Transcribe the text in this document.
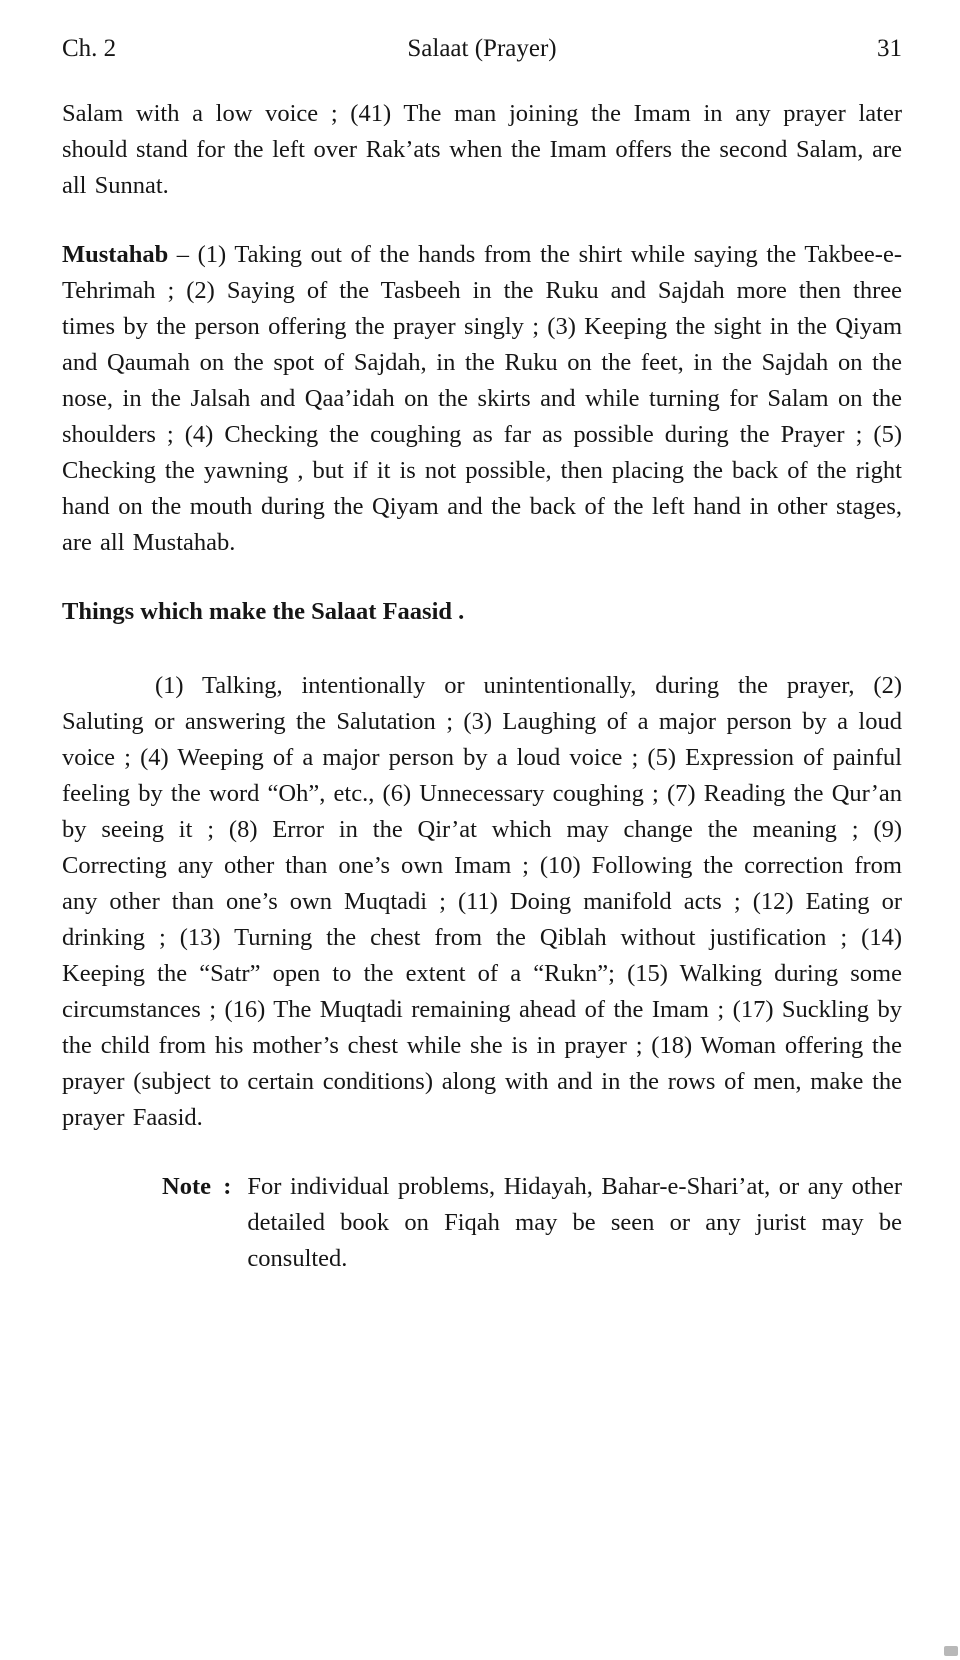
Ch. 2	Salaat (Prayer)	31

Salam with a low voice ; (41) The man joining the Imam in any prayer later should stand for the left over Rak’ats when the Imam offers the second Salam, are all Sunnat.

Mustahab – (1) Taking out of the hands from the shirt while saying the Takbee-e-Tehrimah ; (2) Saying of the Tasbeeh in the Ruku and Sajdah more then three times by the person offering the prayer singly ; (3) Keeping the sight in the Qiyam and Qaumah on the spot of Sajdah, in the Ruku on the feet, in the Sajdah on the nose, in the Jalsah and Qaa’idah on the skirts and while turning for Salam on the shoulders ; (4) Checking the coughing as far as possible during the Prayer ; (5) Checking the yawning , but if it is not possible, then placing the back of the right hand on the mouth during the Qiyam and the back of the left hand in other stages, are all Mustahab.

Things which make the Salaat Faasid .

(1) Talking, intentionally or unintentionally, during the prayer, (2) Saluting or answering the Salutation ; (3) Laughing of a major person by a loud voice ; (4) Weeping of a major person by a loud voice ; (5) Expression of painful feeling by the word “Oh”, etc., (6) Unnecessary coughing ; (7) Reading the Qur’an by seeing it ; (8) Error in the Qir’at which may change the meaning ; (9) Correcting any other than one’s own Imam ; (10) Following the correction from any other than one’s own Muqtadi ; (11) Doing manifold acts ; (12) Eating or drinking ; (13) Turning the chest from the Qiblah without justification ; (14) Keeping the “Satr” open to the extent of a “Rukn”; (15) Walking during some circumstances ; (16) The Muqtadi remaining ahead of the Imam ; (17) Suckling by the child from his mother’s chest while she is in prayer ; (18) Woman offering the prayer (subject to certain conditions) along with and in the rows of men, make the prayer Faasid.

Note : For individual problems, Hidayah, Bahar-e-Shari’at, or any other detailed book on Fiqah may be seen or any jurist may be consulted.
